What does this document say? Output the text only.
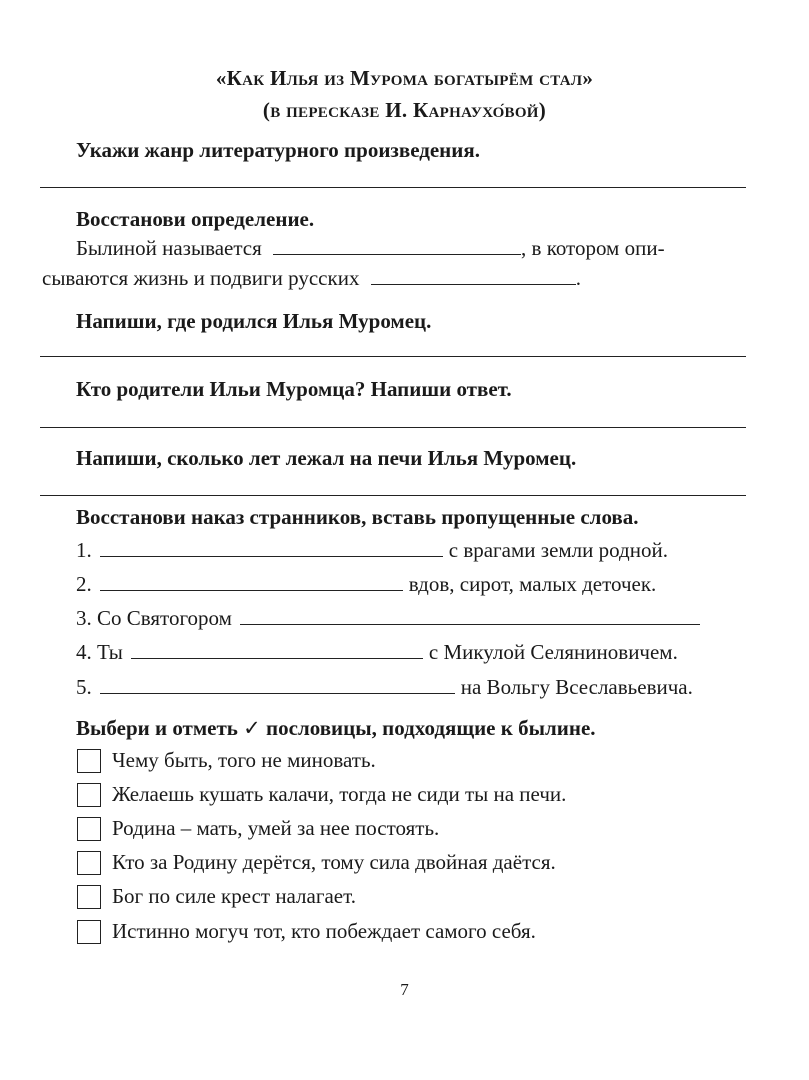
«Как Илья из Мурома богатырём стал»
(в пересказе И. Карнаухо́вой)
Укажи жанр литературного произведения.
Восстанови определение.
Былиной называется	, в котором опи-
сываются жизнь и подвиги русских	.
Напиши, где родился Илья Муромец.
Кто родители Ильи Муромца? Напиши ответ.
Напиши, сколько лет лежал на печи Илья Муромец.
Восстанови наказ странников, вставь пропущенные слова.
1.	с врагами земли родной.
2.	вдов, сирот, малых деточек.
3. Со Святогором
4. Ты	с Микулой Селяниновичем.
5.	на Вольгу Всеславьевича.
Выбери и отметь ✓ пословицы, подходящие к былине.
Чему быть, того не миновать.
Желаешь кушать калачи, тогда не сиди ты на печи.
Родина – мать, умей за нее постоять.
Кто за Родину дерётся, тому сила двойная даётся.
Бог по силе крест налагает.
Истинно могуч тот, кто побеждает самого себя.
7
